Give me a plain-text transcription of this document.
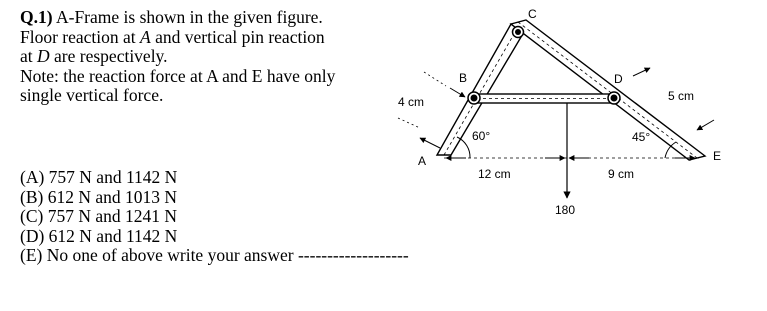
Q.1) A-Frame is shown in the given figure.
Floor reaction at A and vertical pin reaction
at D are respectively.
Note: the reaction force at A and E have only
single vertical force.
(A) 757 N and 1142 N
(B) 612 N and 1013 N
(C) 757 N and 1241 N
(D) 612 N and 1142 N
(E) No one of above write your answer -------------------
180
12 cm	9 cm
4 cm	5 cm
60°	45°
A
B
C
D
E
